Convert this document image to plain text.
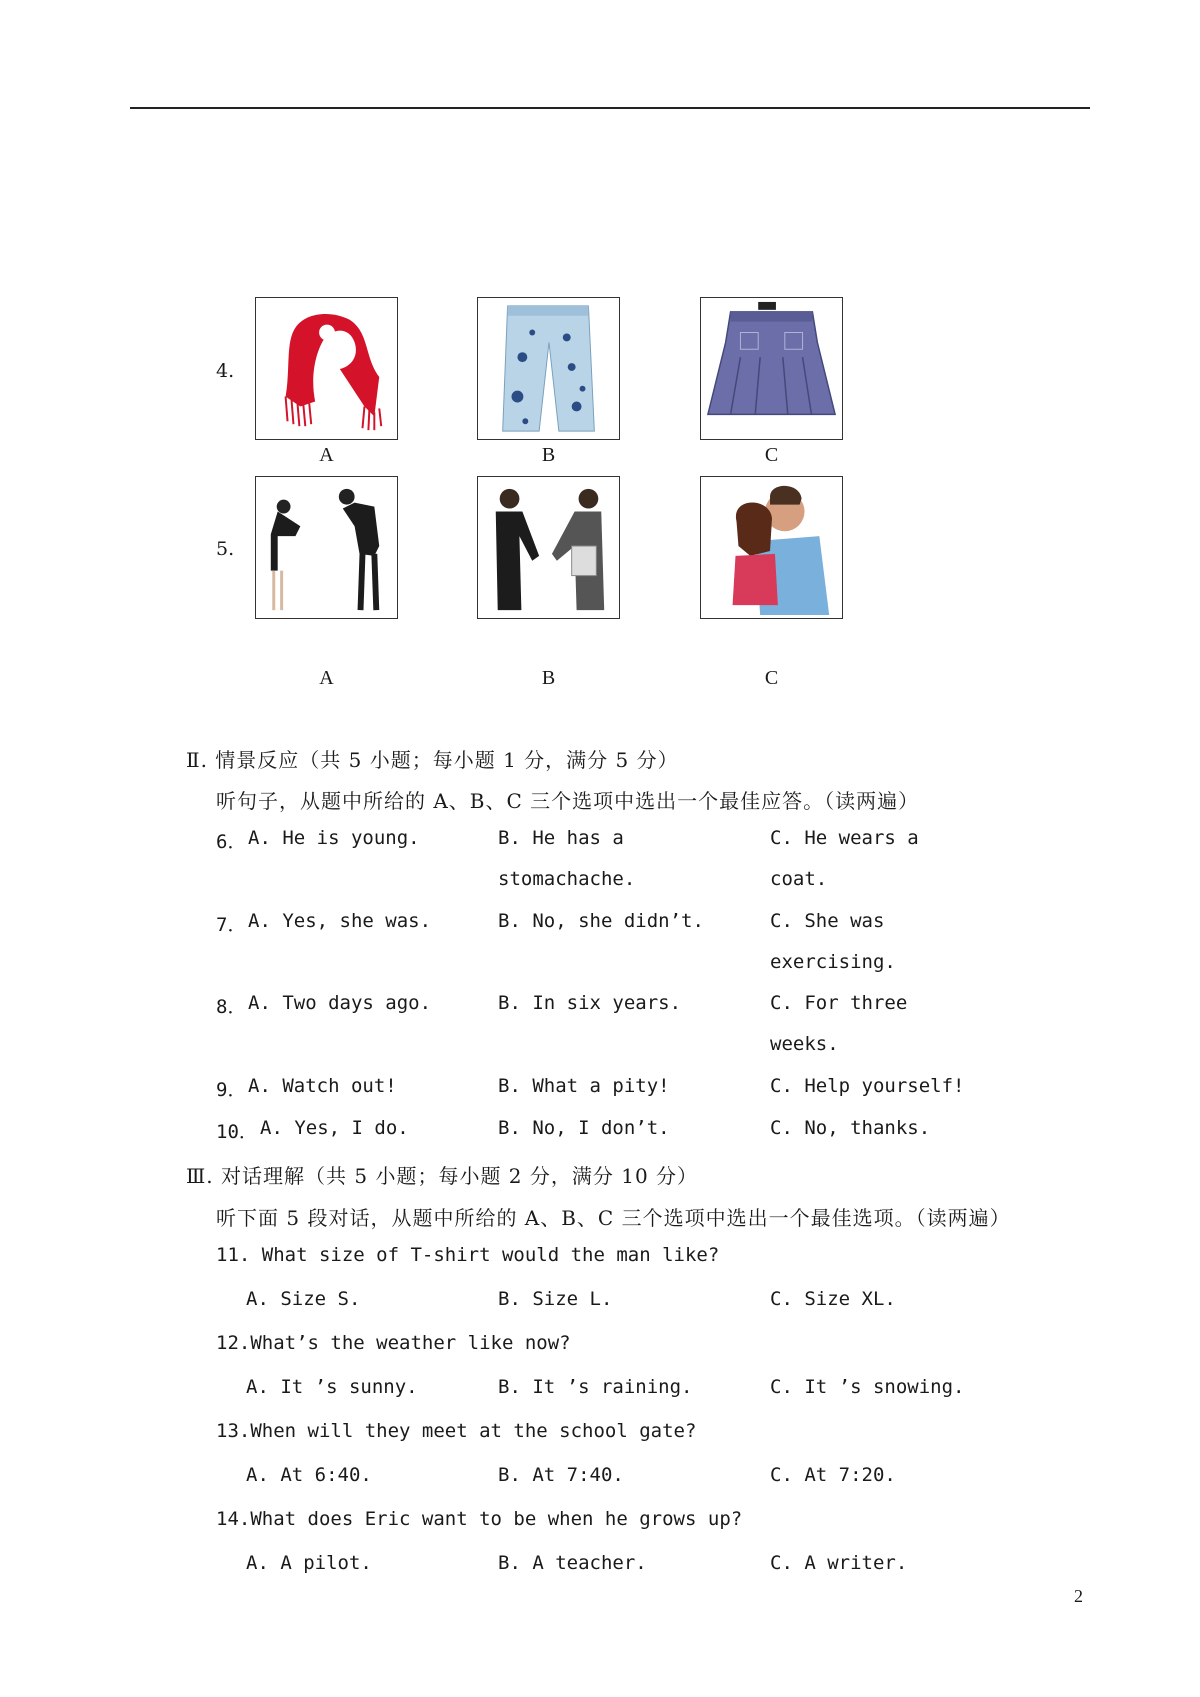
4.
A	B	C
5.
A	B	C
Ⅱ. 情景反应（共 5 小题；每小题 1 分，满分 5 分）
听句子，从题中所给的 A、B、C 三个选项中选出一个最佳应答。（读两遍）
6． A. He is young.	B. He has a
stomachache.
C. He wears a
coat.
7． A. Yes, she was.	B. No, she didn’t.	C. She was
exercising.
8． A. Two days ago.	B. In six years.	C. For three
weeks.
9． A. Watch out!	B. What a pity!	C. Help yourself!
10． A. Yes, I do.	B. No, I don’t.	C. No, thanks.
Ⅲ. 对话理解（共 5 小题；每小题 2 分，满分 10 分）
听下面 5 段对话，从题中所给的 A、B、C 三个选项中选出一个最佳选项。（读两遍）
11. What size of T-shirt would the man like?
A. Size S.	B. Size L.	C. Size XL.
12.What’s the weather like now?
A. It ’s sunny.	B. It ’s raining.	C. It ’s snowing.
13.When will they meet at the school gate?
A. At 6:40.	B. At 7:40.	C. At 7:20.
14.What does Eric want to be when he grows up?
A. A pilot.	B. A teacher.	C. A writer.
2
